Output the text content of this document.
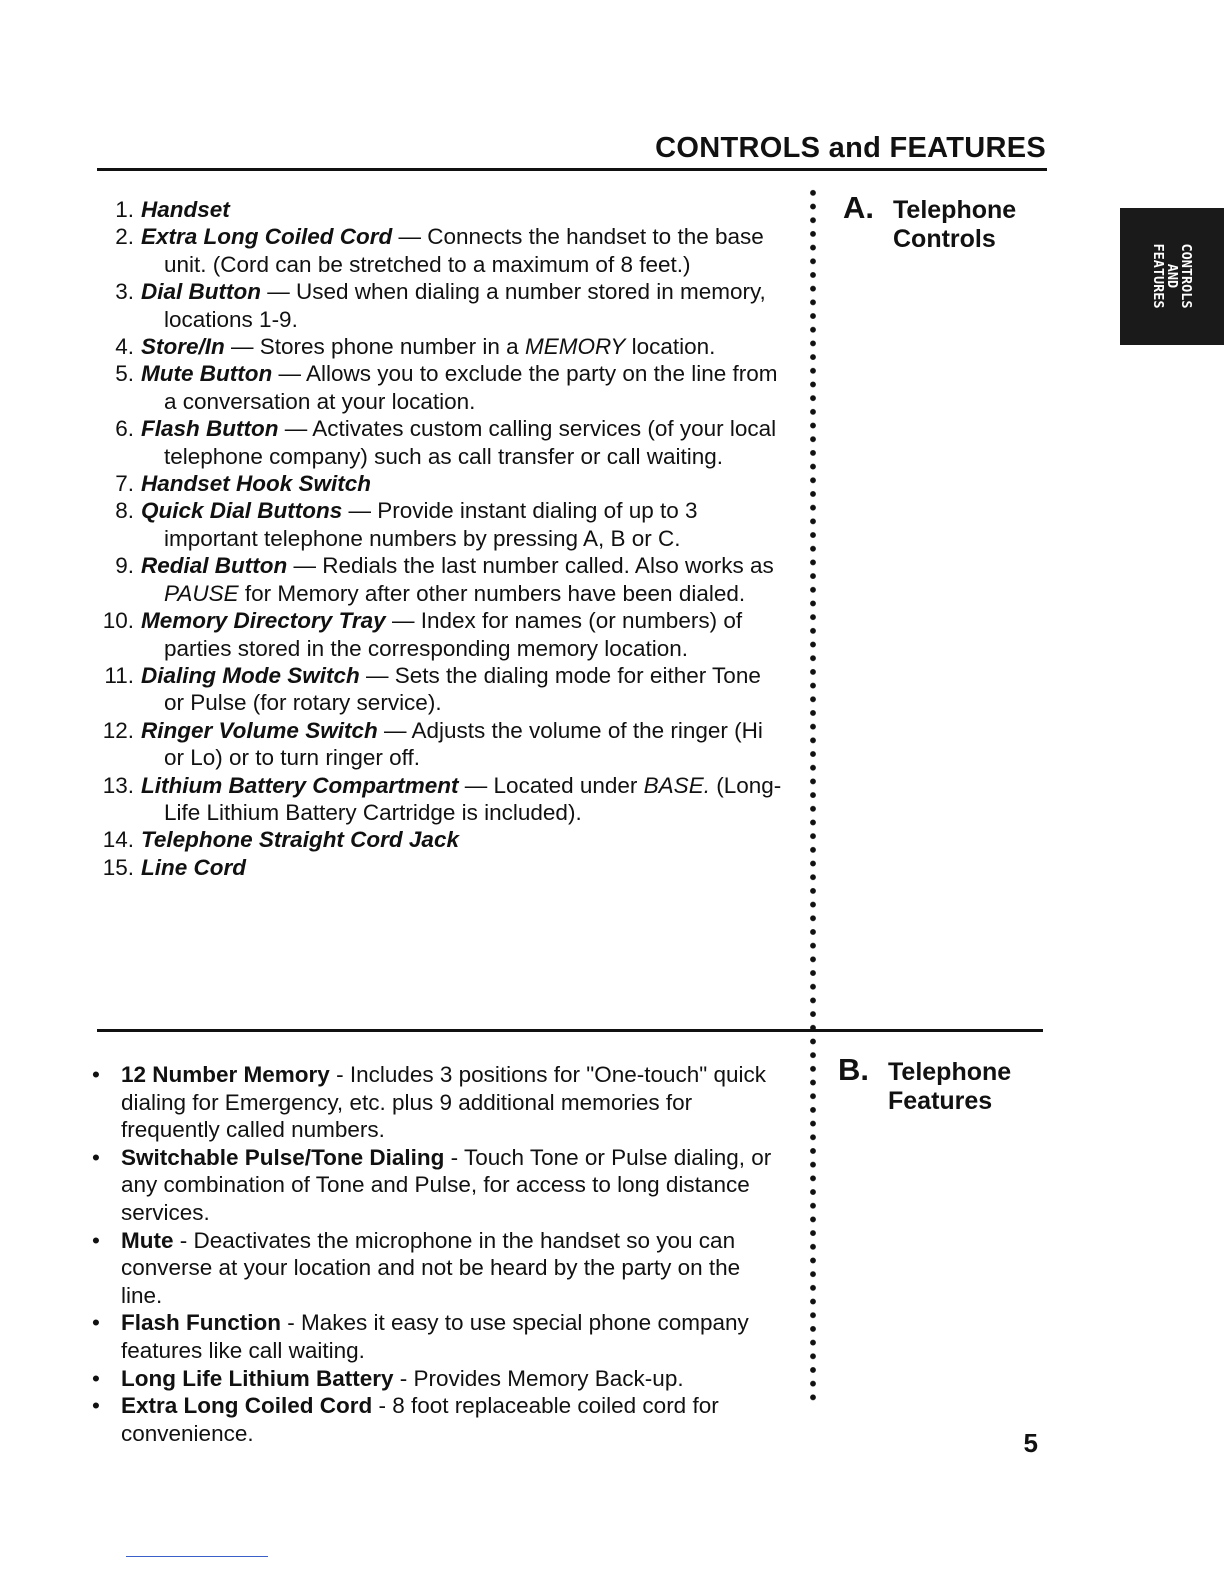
CONTROLS and FEATURES
CONTROLS
AND
FEATURES
A. Telephone
Controls
1. Handset
2. Extra Long Coiled Cord — Connects the handset to the base unit. (Cord can be stretched to a maximum of 8 feet.)
3. Dial Button — Used when dialing a number stored in memory, locations 1-9.
4. Store/In — Stores phone number in a MEMORY location.
5. Mute Button — Allows you to exclude the party on the line from a conversation at your location.
6. Flash Button — Activates custom calling services (of your local telephone company) such as call transfer or call waiting.
7. Handset Hook Switch
8. Quick Dial Buttons — Provide instant dialing of up to 3 important telephone numbers by pressing A, B or C.
9. Redial Button — Redials the last number called. Also works as PAUSE for Memory after other numbers have been dialed.
10. Memory Directory Tray — Index for names (or numbers) of parties stored in the corresponding memory location.
11. Dialing Mode Switch — Sets the dialing mode for either Tone or Pulse (for rotary service).
12. Ringer Volume Switch — Adjusts the volume of the ringer (Hi or Lo) or to turn ringer off.
13. Lithium Battery Compartment — Located under BASE. (Long-Life Lithium Battery Cartridge is included).
14. Telephone Straight Cord Jack
15. Line Cord
B. Telephone
Features
• 12 Number Memory - Includes 3 positions for "One-touch" quick dialing for Emergency, etc. plus 9 additional memories for frequently called numbers.
• Switchable Pulse/Tone Dialing - Touch Tone or Pulse dialing, or any combination of Tone and Pulse, for access to long distance services.
• Mute - Deactivates the microphone in the handset so you can converse at your location and not be heard by the party on the line.
• Flash Function - Makes it easy to use special phone company features like call waiting.
• Long Life Lithium Battery - Provides Memory Back-up.
• Extra Long Coiled Cord - 8 foot replaceable coiled cord for convenience.	5
